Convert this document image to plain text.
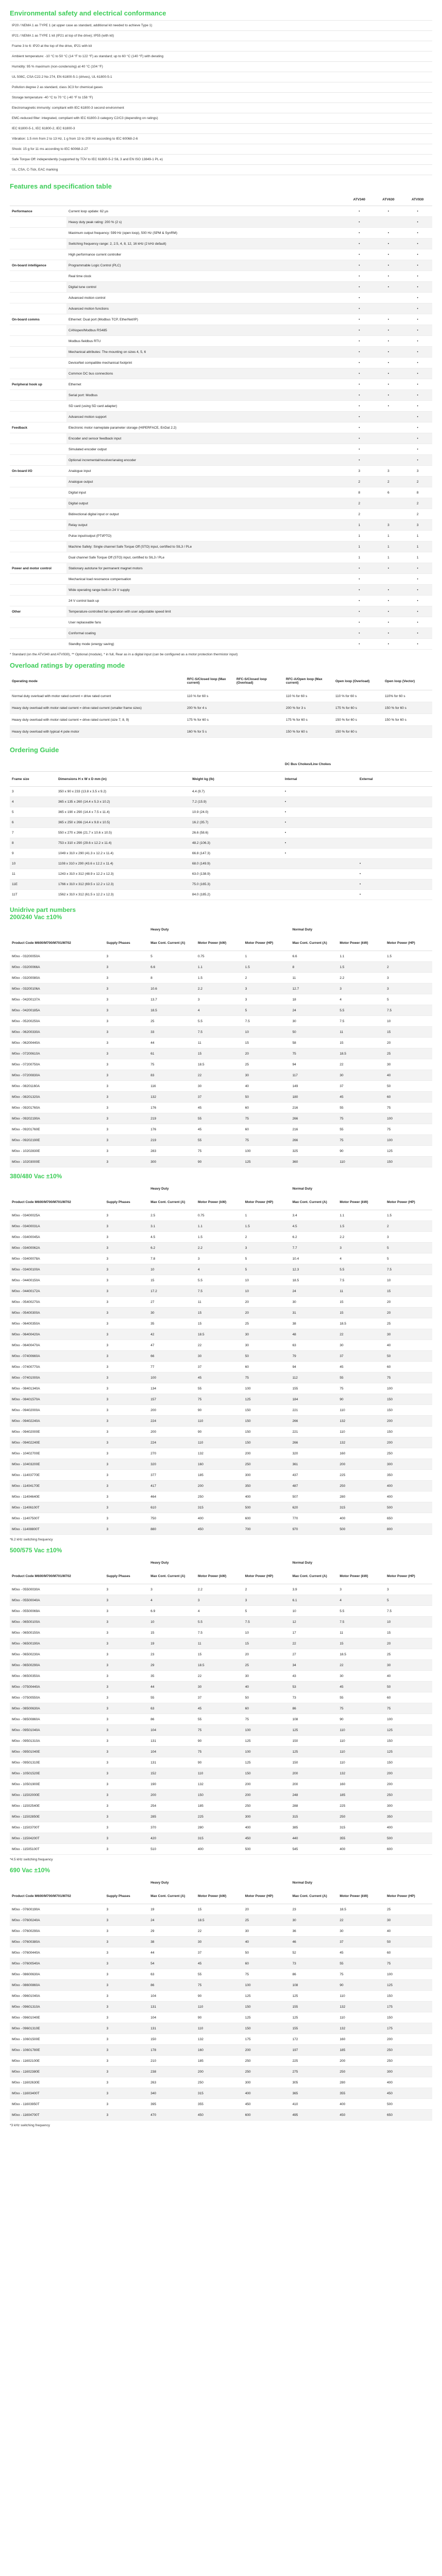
Environmental safety and electrical conformance
IP20 / NEMA 1 as TYPE 1 (at upper case as standard, additional kit needed to achieve Type 1)
IP21 / NEMA 1 as TYPE 1 kit (IP21 at top of the drive); IP55 (with kit)
Frame 3 to 6: IP20 at the top of the drive, IP21 with kit
Ambient temperature: -10 °C to 50 °C (14 °F to 122 °F) as standard; up to 60 °C (140 °F) with derating
Humidity: 95 % maximum (non-condensing) at 40 °C (104 °F)
UL 508C, CSA C22.2 No 274, EN 61800-5-1 (drives), UL 61800-5-1
Pollution degree 2 as standard, class 3C3 for chemical gases
Storage temperature -40 °C to 70 °C (-40 °F to 158 °F)
Electromagnetic immunity: compliant with IEC 61800-3 second environment
EMC-reduced filter: integrated, compliant with IEC 61800-3 category C2/C3 (depending on ratings)
IEC 61800-5-1, IEC 61800-2, IEC 61800-3
Vibration: 1.5 mm from 2 to 13 Hz, 1 g from 13 to 200 Hz according to IEC 60068-2-6
Shock: 15 g for 11 ms according to IEC 60068-2-27
Safe Torque Off: independently (supported by TÜV to IEC 61800-5-2 SIL 3 and EN ISO 13849-1 PL e)
UL, CSA, C-Tick, EAC marking
Features and specification table
		ATV340	ATV630	ATV930
Performance	Current loop update: 62 μs	•	•	•
	Heavy duty peak rating: 200 % (2 s)	•		•
	Maximum output frequency: 599 Hz (open loop), 500 Hz (SPM & SynRM)	•	•	•
	Switching frequency range: 2, 2.5, 4, 8, 12, 16 kHz (2 kHz default)	•	•	•
	High performance current controller	•	•	•
On-board intelligence	Programmable Logic Control (PLC)	•	•	•
	Real time clock	•	•	•
	Digital tune control	•	•	•
	Advanced motion control	•		•
	Advanced motion functions	•		•
On-board comms	Ethernet: Dual port (Modbus TCP, EtherNet/IP)	•	•	•
	CANopen/Modbus RS485	•	•	•
	Modbus fieldbus RTU	•	•	•
	Mechanical attributes: The mounting on sizes 4, 5, 6	•	•	•
	DeviceNet compatible mechanical footprint	•	•	•
	Common DC bus connections	•	•	•
Peripheral hook up	Ethernet	•	•	•
	Serial port: Modbus	•	•	•
	SD card (using SD card adapter)	•	•	•
	Advanced motion support	•		•
Feedback	Electronic motor nameplate parameter storage (HIPERFACE, EnDat 2.2)	•		•
	Encoder and sensor feedback input	•		•
	Simulated encoder output	•		•
	Optional incremental/resolver/analog encoder	•		•
On-board I/O	Analogue input	3	3	3
	Analogue output	2	2	2
	Digital input	8	6	8
	Digital output	2		2
	Bidirectional digital input or output	2		2
	Relay output	1	3	3
	Pulse input/output (PTI/PTO)	1	1	1
	Machine Safety: Single channel Safe Torque Off (STO) input, certified to SIL3 / PLe	1	1	1
	Dual channel Safe Torque Off (STO) input, certified to SIL3 / PLe	1	1	1
Power and motor control	Stationary autotune for permanent magnet motors	•	•	•
	Mechanical load resonance compensation	•		•
	Wide operating range built-in 24 V supply	•	•	•
	24 V control back up	•	•	•
Other	Temperature-controlled fan operation with user adjustable speed limit	•	•	•
	User replaceable fans	•	•	•
	Conformal coating	•	•	•
	Standby mode (energy saving)	•	•	•
* Standard (on the ATV340 and ATV930), ** Optional (module), * in full, Rear as in a digital input (can be configured as a motor protection thermistor input)
Overload ratings by operating mode
Operating mode	RFC-S/Closed loop (Max current)	RFC-S/Closed loop (Overload)	RFC-A/Open loop (Max current)	Open loop (Overload)	Open loop (Vector)
Normal duty overload with motor rated current = drive rated current	110 % for 60 s		110 % for 60 s	110 % for 60 s	110% for 60 s
Heavy duty overload with motor rated current = drive rated current (smaller frame sizes)	200 % for 4 s		200 % for 3 s	175 % for 60 s	150 % for 60 s
Heavy duty overload with motor rated current = drive rated current (size 7, 8, 9)	175 % for 60 s		175 % for 60 s	150 % for 60 s	150 % for 60 s
Heavy duty overload with typical 4 pole motor	160 % for 5 s		150 % for 60 s	150 % for 60 s	
Ordering Guide
			DC Bus Chokes/Line Chokes	
Frame size	Dimensions H x W x D mm (in)	Weight kg (lb)	Internal	External
3	350 x 90 x 233 (13.8 x 3.5 x 9.2)	4.4 (9.7)	•	
4	365 x 135 x 260 (14.4 x 5.3 x 10.2)	7.2 (15.9)	•	
5	365 x 190 x 290 (14.4 x 7.5 x 11.4)	10.9 (24.0)	•	
6	365 x 250 x 266 (14.4 x 9.8 x 10.5)	16.2 (35.7)	•	
7	550 x 270 x 266 (21.7 x 10.6 x 10.5)	26.6 (58.6)	•	
8	753 x 310 x 290 (29.6 x 12.2 x 11.4)	48.2 (106.3)	•	
9	1049 x 310 x 290 (41.3 x 12.2 x 11.4)	66.8 (147.3)	•	
10	1108 x 310 x 290 (43.6 x 12.2 x 11.4)	68.0 (149.9)		•
11	1243 x 310 x 312 (48.9 x 12.2 x 12.3)	63.0 (138.9)		•
11E	1766 x 310 x 312 (69.5 x 12.2 x 12.3)	75.0 (165.3)		•
11T	1562 x 310 x 312 (61.5 x 12.2 x 12.3)	84.0 (185.2)		•
Unidrive part numbers
200/240 Vac ±10%
		Heavy Duty			Normal Duty		
Product Code M600/M700/M701/M702	Supply Phases	Max Cont. Current (A)	Motor Power (kW)	Motor Power (HP)	Max Cont. Current (A)	Motor Power (kW)	Motor Power (HP)
M0xx - 03200050A	3	5	0.75	1	6.6	1.1	1.5
M0xx - 03200066A	3	6.6	1.1	1.5	8	1.5	2
M0xx - 03200080A	3	8	1.5	2	11	2.2	3
M0xx - 03200106A	3	10.6	2.2	3	12.7	3	3
M0xx - 04200137A	3	13.7	3	3	18	4	5
M0xx - 04200185A	3	18.5	4	5	24	5.5	7.5
M0xx - 05200250A	3	25	5.5	7.5	30	7.5	10
M0xx - 06200330A	3	33	7.5	10	50	11	15
M0xx - 06200440A	3	44	11	15	58	15	20
M0xx - 07200610A	3	61	15	20	75	18.5	25
M0xx - 07200750A	3	75	18.5	25	94	22	30
M0xx - 07200830A	3	83	22	30	117	30	40
M0xx - 08201160A	3	116	30	40	149	37	50
M0xx - 08201320A	3	132	37	50	180	45	60
M0xx - 09201760A	3	176	45	60	216	55	75
M0xx - 09202190A	3	219	55	75	266	75	100
M0xx - 09201760E	3	176	45	60	216	55	75
M0xx - 09202190E	3	219	55	75	266	75	100
M0xx - 10202830E	3	283	75	100	325	90	125
M0xx - 10203000E	3	300	90	125	360	110	150
380/480 Vac ±10%
		Heavy Duty			Normal Duty		
Product Code M600/M700/M701/M702	Supply Phases	Max Cont. Current (A)	Motor Power (kW)	Motor Power (HP)	Max Cont. Current (A)	Motor Power (kW)	Motor Power (HP)
M0xx - 03400025A	3	2.5	0.75	1	3.4	1.1	1.5
M0xx - 03400031A	3	3.1	1.1	1.5	4.5	1.5	2
M0xx - 03400045A	3	4.5	1.5	2	6.2	2.2	3
M0xx - 03400062A	3	6.2	2.2	3	7.7	3	5
M0xx - 03400078A	3	7.8	3	5	10.4	4	5
M0xx - 03400100A	3	10	4	5	12.3	5.5	7.5
M0xx - 04400150A	3	15	5.5	10	18.5	7.5	10
M0xx - 04400172A	3	17.2	7.5	10	24	11	15
M0xx - 05400270A	3	27	11	20	30	15	20
M0xx - 05400300A	3	30	15	20	31	15	20
M0xx - 06400350A	3	35	15	25	38	18.5	25
M0xx - 06400420A	3	42	18.5	30	48	22	30
M0xx - 06400470A	3	47	22	30	63	30	40
M0xx - 07400660A	3	66	30	50	79	37	50
M0xx - 07400770A	3	77	37	60	94	45	60
M0xx - 07401000A	3	100	45	75	112	55	75
M0xx - 08401340A	3	134	55	100	155	75	100
M0xx - 08401570A	3	157	75	125	184	90	150
M0xx - 09402000A	3	200	90	150	221	110	150
M0xx - 09402240A	3	224	110	150	266	132	200
M0xx - 09402000E	3	200	90	150	221	110	150
M0xx - 09402240E	3	224	110	150	266	132	200
M0xx - 10402700E	3	270	132	200	320	160	250
M0xx - 10403200E	3	320	160	250	361	200	300
M0xx - 11403770E	3	377	185	300	437	225	350
M0xx - 11404170E	3	417	200	350	487	250	400
M0xx - 11404640E	3	464	250	400	507	280	400
M0xx - 11406100T	3	610	315	500	620	315	500
M0xx - 11407500T	3	750	400	600	770	400	650
M0xx - 11408800T	3	880	450	700	970	500	800
*6.2 kHz switching frequency
500/575 Vac ±10%
		Heavy Duty			Normal Duty		
Product Code M600/M700/M701/M702	Supply Phases	Max Cont. Current (A)	Motor Power (kW)	Motor Power (HP)	Max Cont. Current (A)	Motor Power (kW)	Motor Power (HP)
M0xx - 05500030A	3	3	2.2	2	3.9	3	3
M0xx - 05500040A	3	4	3	3	6.1	4	5
M0xx - 05500069A	3	6.9	4	5	10	5.5	7.5
M0xx - 06500100A	3	10	5.5	7.5	12	7.5	10
M0xx - 06500150A	3	15	7.5	10	17	11	15
M0xx - 06500190A	3	19	11	15	22	15	20
M0xx - 06500230A	3	23	15	20	27	18.5	25
M0xx - 06500290A	3	29	18.5	25	34	22	30
M0xx - 06500350A	3	35	22	30	43	30	40
M0xx - 07500440A	3	44	30	40	53	45	50
M0xx - 07500550A	3	55	37	50	73	55	60
M0xx - 08500630A	3	63	45	60	86	75	75
M0xx - 08500860A	3	86	55	75	108	90	100
M0xx - 09501040A	3	104	75	100	125	110	125
M0xx - 09501310A	3	131	90	125	150	110	150
M0xx - 09501040E	3	104	75	100	125	110	125
M0xx - 09501310E	3	131	90	125	150	110	150
M0xx - 10501520E	3	152	110	150	200	132	200
M0xx - 10501900E	3	190	132	200	200	160	200
M0xx - 11502000E	3	200	150	200	248	185	250
M0xx - 11502540E	3	254	185	250	288	225	300
M0xx - 11502850E	3	285	225	300	315	250	350
M0xx - 11503700T	3	370	280	400	385	315	400
M0xx - 11504200T	3	420	315	450	440	355	500
M0xx - 11505100T	3	510	400	500	545	400	600
*4.5 kHz switching frequency
690 Vac ±10%
		Heavy Duty			Normal Duty		
Product Code M600/M700/M701/M702	Supply Phases	Max Cont. Current (A)	Motor Power (kW)	Motor Power (HP)	Max Cont. Current (A)	Motor Power (kW)	Motor Power (HP)
M0xx - 07600190A	3	19	15	20	23	18.5	25
M0xx - 07600240A	3	24	18.5	25	30	22	30
M0xx - 07600290A	3	29	22	30	36	30	40
M0xx - 07600380A	3	38	30	40	46	37	50
M0xx - 07600440A	3	44	37	50	52	45	60
M0xx - 07600540A	3	54	45	60	73	55	75
M0xx - 08600630A	3	63	55	75	86	75	100
M0xx - 08600860A	3	86	75	100	108	90	125
M0xx - 09601040A	3	104	90	125	125	110	150
M0xx - 09601310A	3	131	110	150	155	132	175
M0xx - 09601040E	3	104	90	125	125	110	150
M0xx - 09601310E	3	131	110	150	155	132	175
M0xx - 10601500E	3	150	132	175	172	160	200
M0xx - 10601780E	3	178	160	200	197	185	250
M0xx - 11602100E	3	210	185	250	225	200	250
M0xx - 11602380E	3	238	200	250	275	250	300
M0xx - 11602630E	3	263	250	300	305	280	400
M0xx - 11603400T	3	340	315	400	365	355	450
M0xx - 11603950T	3	395	355	450	410	400	500
M0xx - 11604700T	3	470	450	600	495	450	650
*3 kHz switching frequency
